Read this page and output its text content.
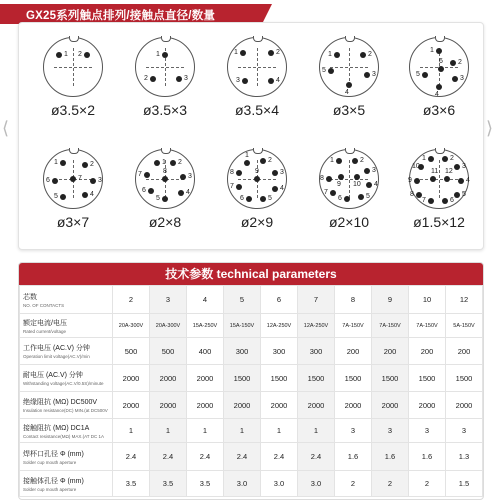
GX25系列触点排列/接触点直径/数量
⟨	⟩
1 2
ø3.5×2
1
2	3
ø3.5×3
1	2
3	4
ø3.5×4
1	2
3
4
5
ø3×5
1
2
3
4
5
6
ø3×6
1	2
3
4
5
6	7
ø3×7
1 2
3
4
5
6
7	8
ø2×8
1
2
3
4
5
6
7
8	9
ø2×9
1	2
3
4
5
6
7
8
9 10
ø2×10
1	2
3
4
5
6
7
8
9
10
11 12
ø1.5×12
技术参数 technical parameters
芯数
NO. OF CONTACTS	2	3	4	5	6	7	8	9	10	12
额定电流/电压
Rated current/voltage	20A-300V	20A-300V	15A-250V	15A-150V	12A-250V	12A-250V	7A-150V	7A-150V	7A-150V	5A-150V
工作电压 (AC.V) 分钟
Operation limit voltage(AC.V)/min	500	500	400	300	300	300	200	200	200	200
耐电压 (AC.V) 分钟
Withstanding voltage(AC.V/0.5S)/minute	2000	2000	2000	1500	1500	1500	1500	1500	1500	1500
绝缘阻抗 (MΩ) DC500V
Insulation resistance(DC) MIN.(at DC500V	2000	2000	2000	2000	2000	2000	2000	2000	2000	2000
接触阻抗 (MΩ) DC1A
Contact resistance(MΩ) MAX.(AT DC 1A	1	1	1	1	1	1	3	3	3	3
焊杯口孔径 Φ (mm)
Solder cup mouth aperture	2.4	2.4	2.4	2.4	2.4	2.4	1.6	1.6	1.6	1.3
接触体孔径 Φ (mm)
Solder cup mouth aperture	3.5	3.5	3.5	3.0	3.0	3.0	2	2	2	1.5
